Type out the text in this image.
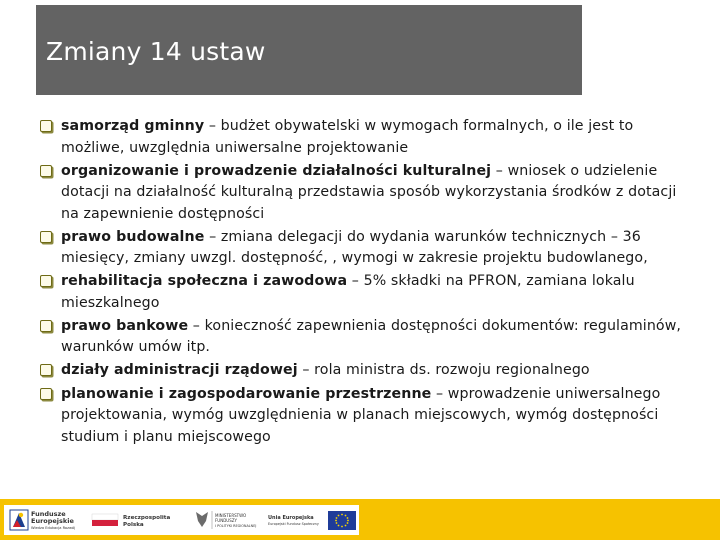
Zmiany 14 ustaw
samorząd gminny – budżet obywatelski w wymogach formalnych, o ile jest to możliwe, uwzględnia uniwersalne projektowanie
organizowanie i prowadzenie działalności kulturalnej – wniosek o udzielenie dotacji na działalność kulturalną przedstawia sposób wykorzystania środków z dotacji na zapewnienie dostępności
prawo budowalne – zmiana delegacji do wydania warunków technicznych – 36 miesięcy, zmiany uwzgl. dostępność, , wymogi w zakresie projektu budowlanego,
rehabilitacja społeczna i zawodowa – 5% składki na PFRON, zamiana lokalu mieszkalnego
prawo bankowe – konieczność zapewnienia dostępności dokumentów: regulaminów, warunków umów itp.
działy administracji rządowej – rola ministra ds. rozwoju regionalnego
planowanie i zagospodarowanie przestrzenne – wprowadzenie uniwersalnego projektowania, wymóg uwzględnienia w planach miejscowych, wymóg dostępności studium i planu miejscowego
Fundusze
Europejskie
Wiedza Edukacja Rozwój
Rzeczpospolita
Polska
MINISTERSTWO
FUNDUSZY
I POLITYKI REGIONALNEJ
Unia Europejska
Europejski Fundusz Społeczny
